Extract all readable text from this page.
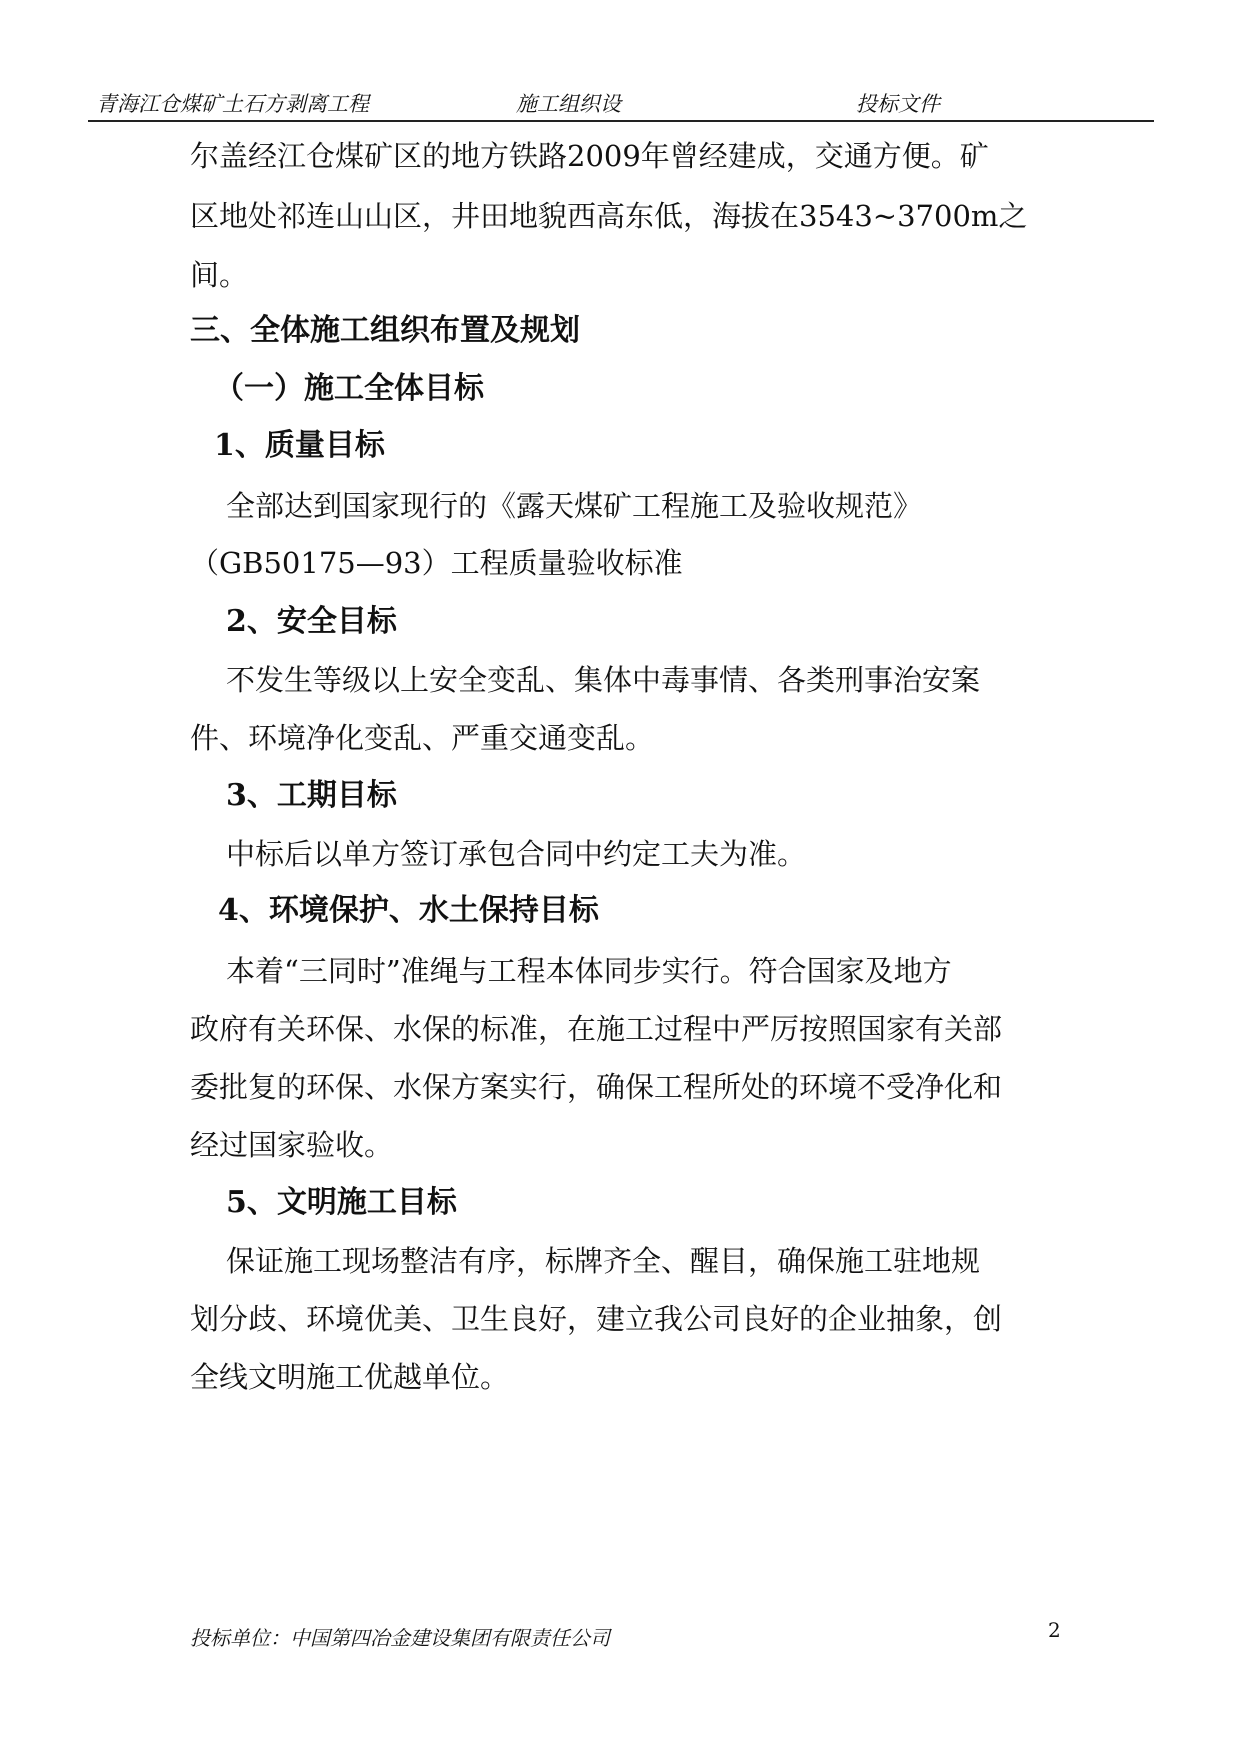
青海江仓煤矿土石方剥离工程	施工组织设	投标文件
尔盖经江仓煤矿区的地方铁路2009年曾经建成，交通方便。矿
区地处祁连山山区，井田地貌西高东低，海拔在3543~3700m之
间。
三、全体施工组织布置及规划
（一）施工全体目标
1、质量目标
全部达到国家现行的《露天煤矿工程施工及验收规范》
（GB50175—93）工程质量验收标准
2、安全目标
不发生等级以上安全变乱、集体中毒事情、各类刑事治安案
件、环境净化变乱、严重交通变乱。
3、工期目标
中标后以单方签订承包合同中约定工夫为准。
4、环境保护、水土保持目标
本着“三同时”准绳与工程本体同步实行。符合国家及地方
政府有关环保、水保的标准，在施工过程中严厉按照国家有关部
委批复的环保、水保方案实行，确保工程所处的环境不受净化和
经过国家验收。
5、文明施工目标
保证施工现场整洁有序，标牌齐全、醒目，确保施工驻地规
划分歧、环境优美、卫生良好，建立我公司良好的企业抽象，创
全线文明施工优越单位。
投标单位：中国第四冶金建设集团有限责任公司	2
